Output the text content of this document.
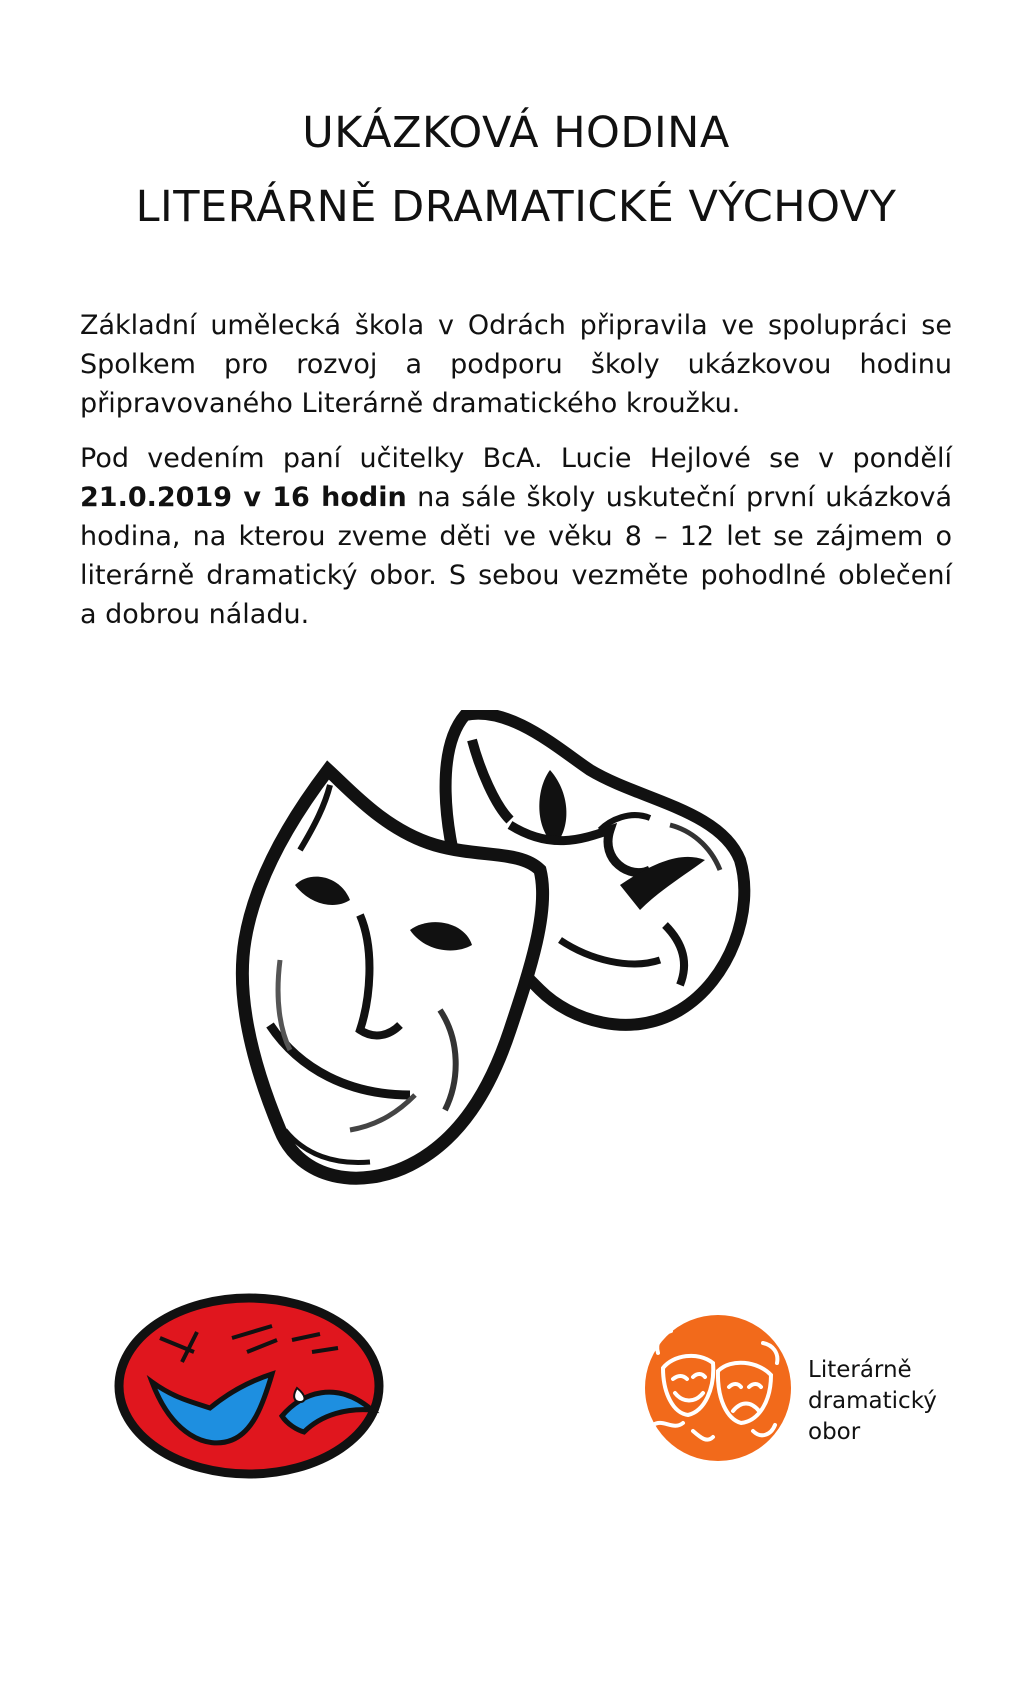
UKÁZKOVÁ HODINA
LITERÁRNĚ DRAMATICKÉ VÝCHOVY

Základní umělecká škola v Odrách připravila ve spolupráci se Spolkem pro rozvoj a podporu školy ukázkovou hodinu připravovaného Literárně dramatického kroužku.

Pod vedením paní učitelky BcA. Lucie Hejlové se v pondělí 21.0.2019 v 16 hodin na sále školy uskuteční první ukázková hodina, na kterou zveme děti ve věku 8 – 12 let se zájmem o literárně dramatický obor. S sebou vezměte pohodlné oblečení a dobrou náladu.

Literárně
dramatický
obor
